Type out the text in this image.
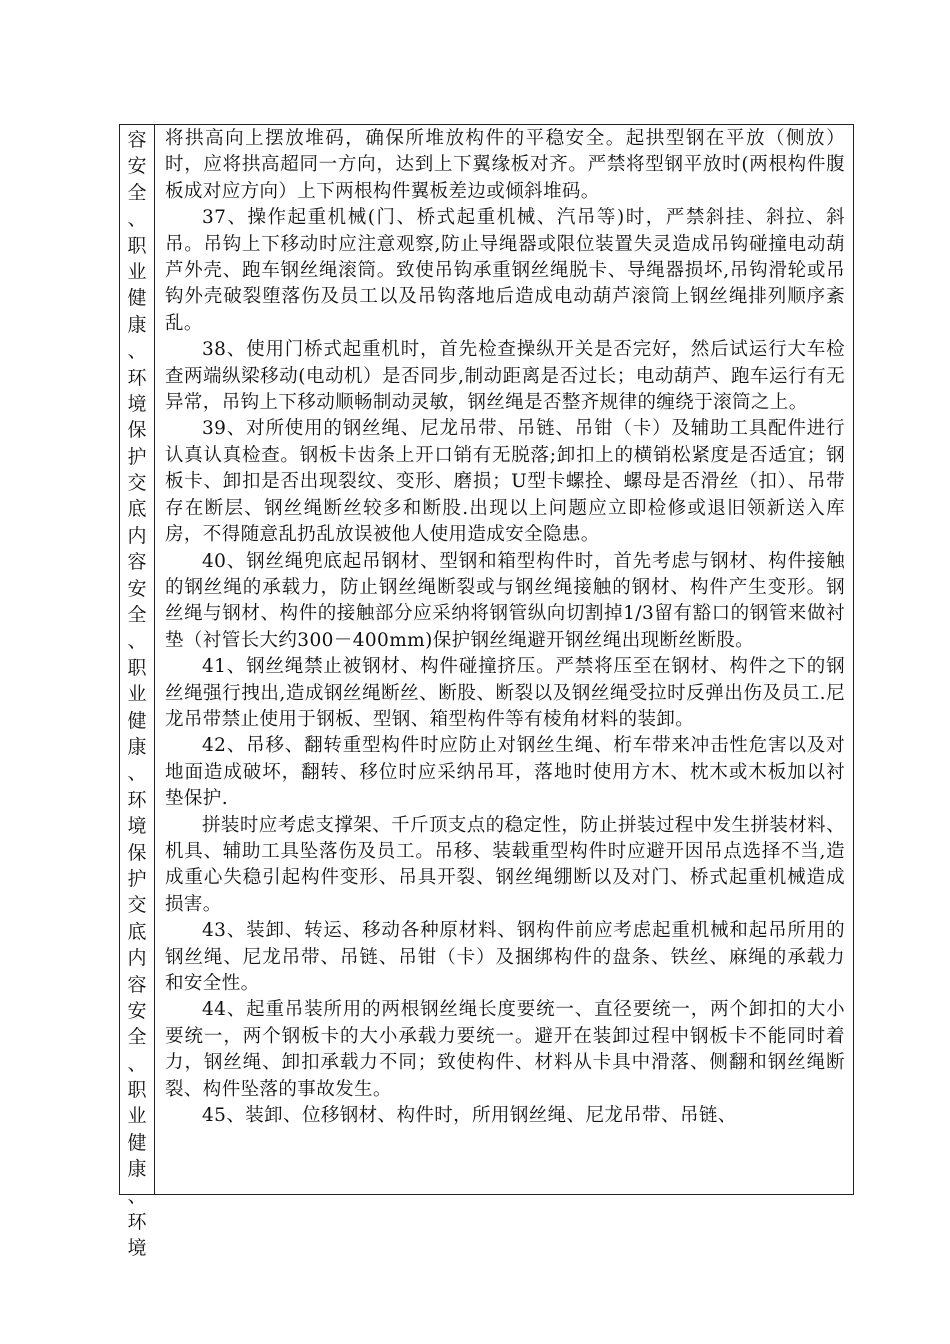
容
安
全
、
职
业
健
康
、
环
境
保
护
交
底
内
容
安
全
、
职
业
健
康
、
环
境
保
护
交
底
内
容
安
全
、
职
业
健
康
、
环
境

将拱高向上摆放堆码，确保所堆放构件的平稳安全。起拱型钢在平放（侧放）时，应将拱高超同一方向，达到上下翼缘板对齐。严禁将型钢平放时(两根构件腹板成对应方向）上下两根构件翼板差边或倾斜堆码。

37、操作起重机械(门、桥式起重机械、汽吊等)时，严禁斜挂、斜拉、斜吊。吊钩上下移动时应注意观察,防止导绳器或限位装置失灵造成吊钩碰撞电动葫芦外壳、跑车钢丝绳滚筒。致使吊钩承重钢丝绳脱卡、导绳器损坏,吊钩滑轮或吊钩外壳破裂堕落伤及员工以及吊钩落地后造成电动葫芦滚筒上钢丝绳排列顺序紊乱。

38、使用门桥式起重机时，首先检查操纵开关是否完好，然后试运行大车检查两端纵梁移动(电动机）是否同步,制动距离是否过长；电动葫芦、跑车运行有无异常，吊钩上下移动顺畅制动灵敏，钢丝绳是否整齐规律的缠绕于滚筒之上。

39、对所使用的钢丝绳、尼龙吊带、吊链、吊钳（卡）及辅助工具配件进行认真认真检查。钢板卡齿条上开口销有无脱落;卸扣上的横销松紧度是否适宜；钢板卡、卸扣是否出现裂纹、变形、磨损；U型卡螺拴、螺母是否滑丝（扣）、吊带存在断层、钢丝绳断丝较多和断股.出现以上问题应立即检修或退旧领新送入库房，不得随意乱扔乱放误被他人使用造成安全隐患。

40、钢丝绳兜底起吊钢材、型钢和箱型构件时，首先考虑与钢材、构件接触的钢丝绳的承载力，防止钢丝绳断裂或与钢丝绳接触的钢材、构件产生变形。钢丝绳与钢材、构件的接触部分应采纳将钢管纵向切割掉1/3留有豁口的钢管来做衬垫（衬管长大约300－400mm)保护钢丝绳避开钢丝绳出现断丝断股。

41、钢丝绳禁止被钢材、构件碰撞挤压。严禁将压至在钢材、构件之下的钢丝绳强行拽出,造成钢丝绳断丝、断股、断裂以及钢丝绳受拉时反弹出伤及员工.尼龙吊带禁止使用于钢板、型钢、箱型构件等有棱角材料的装卸。

42、吊移、翻转重型构件时应防止对钢丝生绳、桁车带来冲击性危害以及对地面造成破坏，翻转、移位时应采纳吊耳，落地时使用方木、枕木或木板加以衬垫保护.

拼装时应考虑支撑架、千斤顶支点的稳定性，防止拼装过程中发生拼装材料、机具、辅助工具坠落伤及员工。吊移、装载重型构件时应避开因吊点选择不当,造成重心失稳引起构件变形、吊具开裂、钢丝绳绷断以及对门、桥式起重机械造成损害。

43、装卸、转运、移动各种原材料、钢构件前应考虑起重机械和起吊所用的钢丝绳、尼龙吊带、吊链、吊钳（卡）及捆绑构件的盘条、铁丝、麻绳的承载力和安全性。

44、起重吊装所用的两根钢丝绳长度要统一、直径要统一，两个卸扣的大小要统一，两个钢板卡的大小承载力要统一。避开在装卸过程中钢板卡不能同时着力，钢丝绳、卸扣承载力不同；致使构件、材料从卡具中滑落、侧翻和钢丝绳断裂、构件坠落的事故发生。

45、装卸、位移钢材、构件时，所用钢丝绳、尼龙吊带、吊链、
